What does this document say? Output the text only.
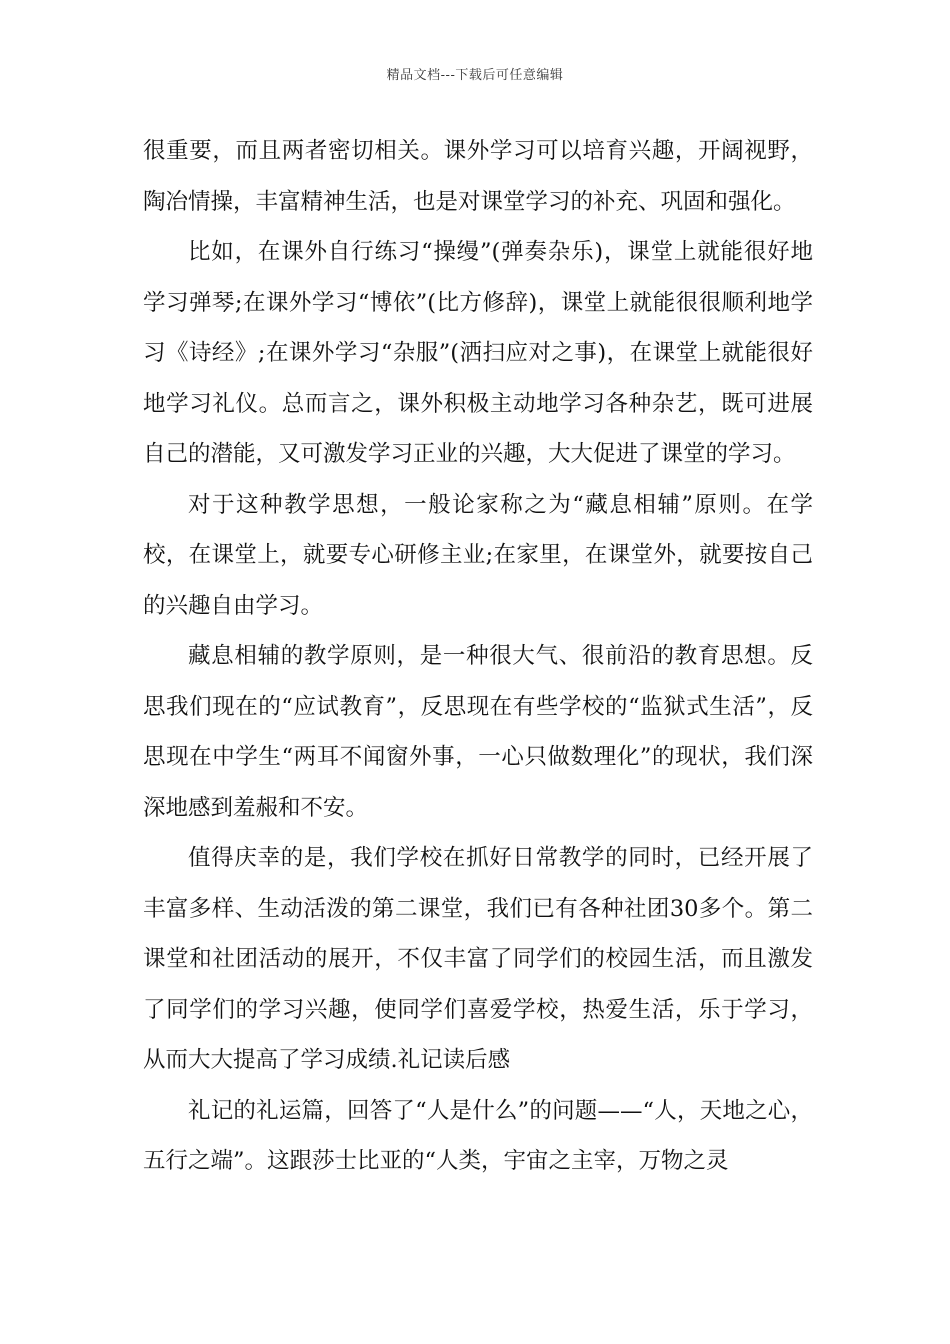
精品文档---下载后可任意编辑

很重要，而且两者密切相关。课外学习可以培育兴趣，开阔视野，陶冶情操，丰富精神生活，也是对课堂学习的补充、巩固和强化。

比如，在课外自行练习“操缦”(弹奏杂乐)，课堂上就能很好地学习弹琴;在课外学习“博依”(比方修辞)，课堂上就能很很顺利地学习《诗经》;在课外学习“杂服”(洒扫应对之事)，在课堂上就能很好地学习礼仪。总而言之，课外积极主动地学习各种杂艺，既可进展自己的潜能，又可激发学习正业的兴趣，大大促进了课堂的学习。

对于这种教学思想，一般论家称之为“藏息相辅”原则。在学校，在课堂上，就要专心研修主业;在家里，在课堂外，就要按自己的兴趣自由学习。

藏息相辅的教学原则，是一种很大气、很前沿的教育思想。反思我们现在的“应试教育”，反思现在有些学校的“监狱式生活”，反思现在中学生“两耳不闻窗外事，一心只做数理化”的现状，我们深深地感到羞赧和不安。

值得庆幸的是，我们学校在抓好日常教学的同时，已经开展了丰富多样、生动活泼的第二课堂，我们已有各种社团30多个。第二课堂和社团活动的展开，不仅丰富了同学们的校园生活，而且激发了同学们的学习兴趣，使同学们喜爱学校，热爱生活，乐于学习，从而大大提高了学习成绩.礼记读后感

礼记的礼运篇，回答了“人是什么”的问题——“人，天地之心，五行之端”。这跟莎士比亚的“人类，宇宙之主宰，万物之灵
